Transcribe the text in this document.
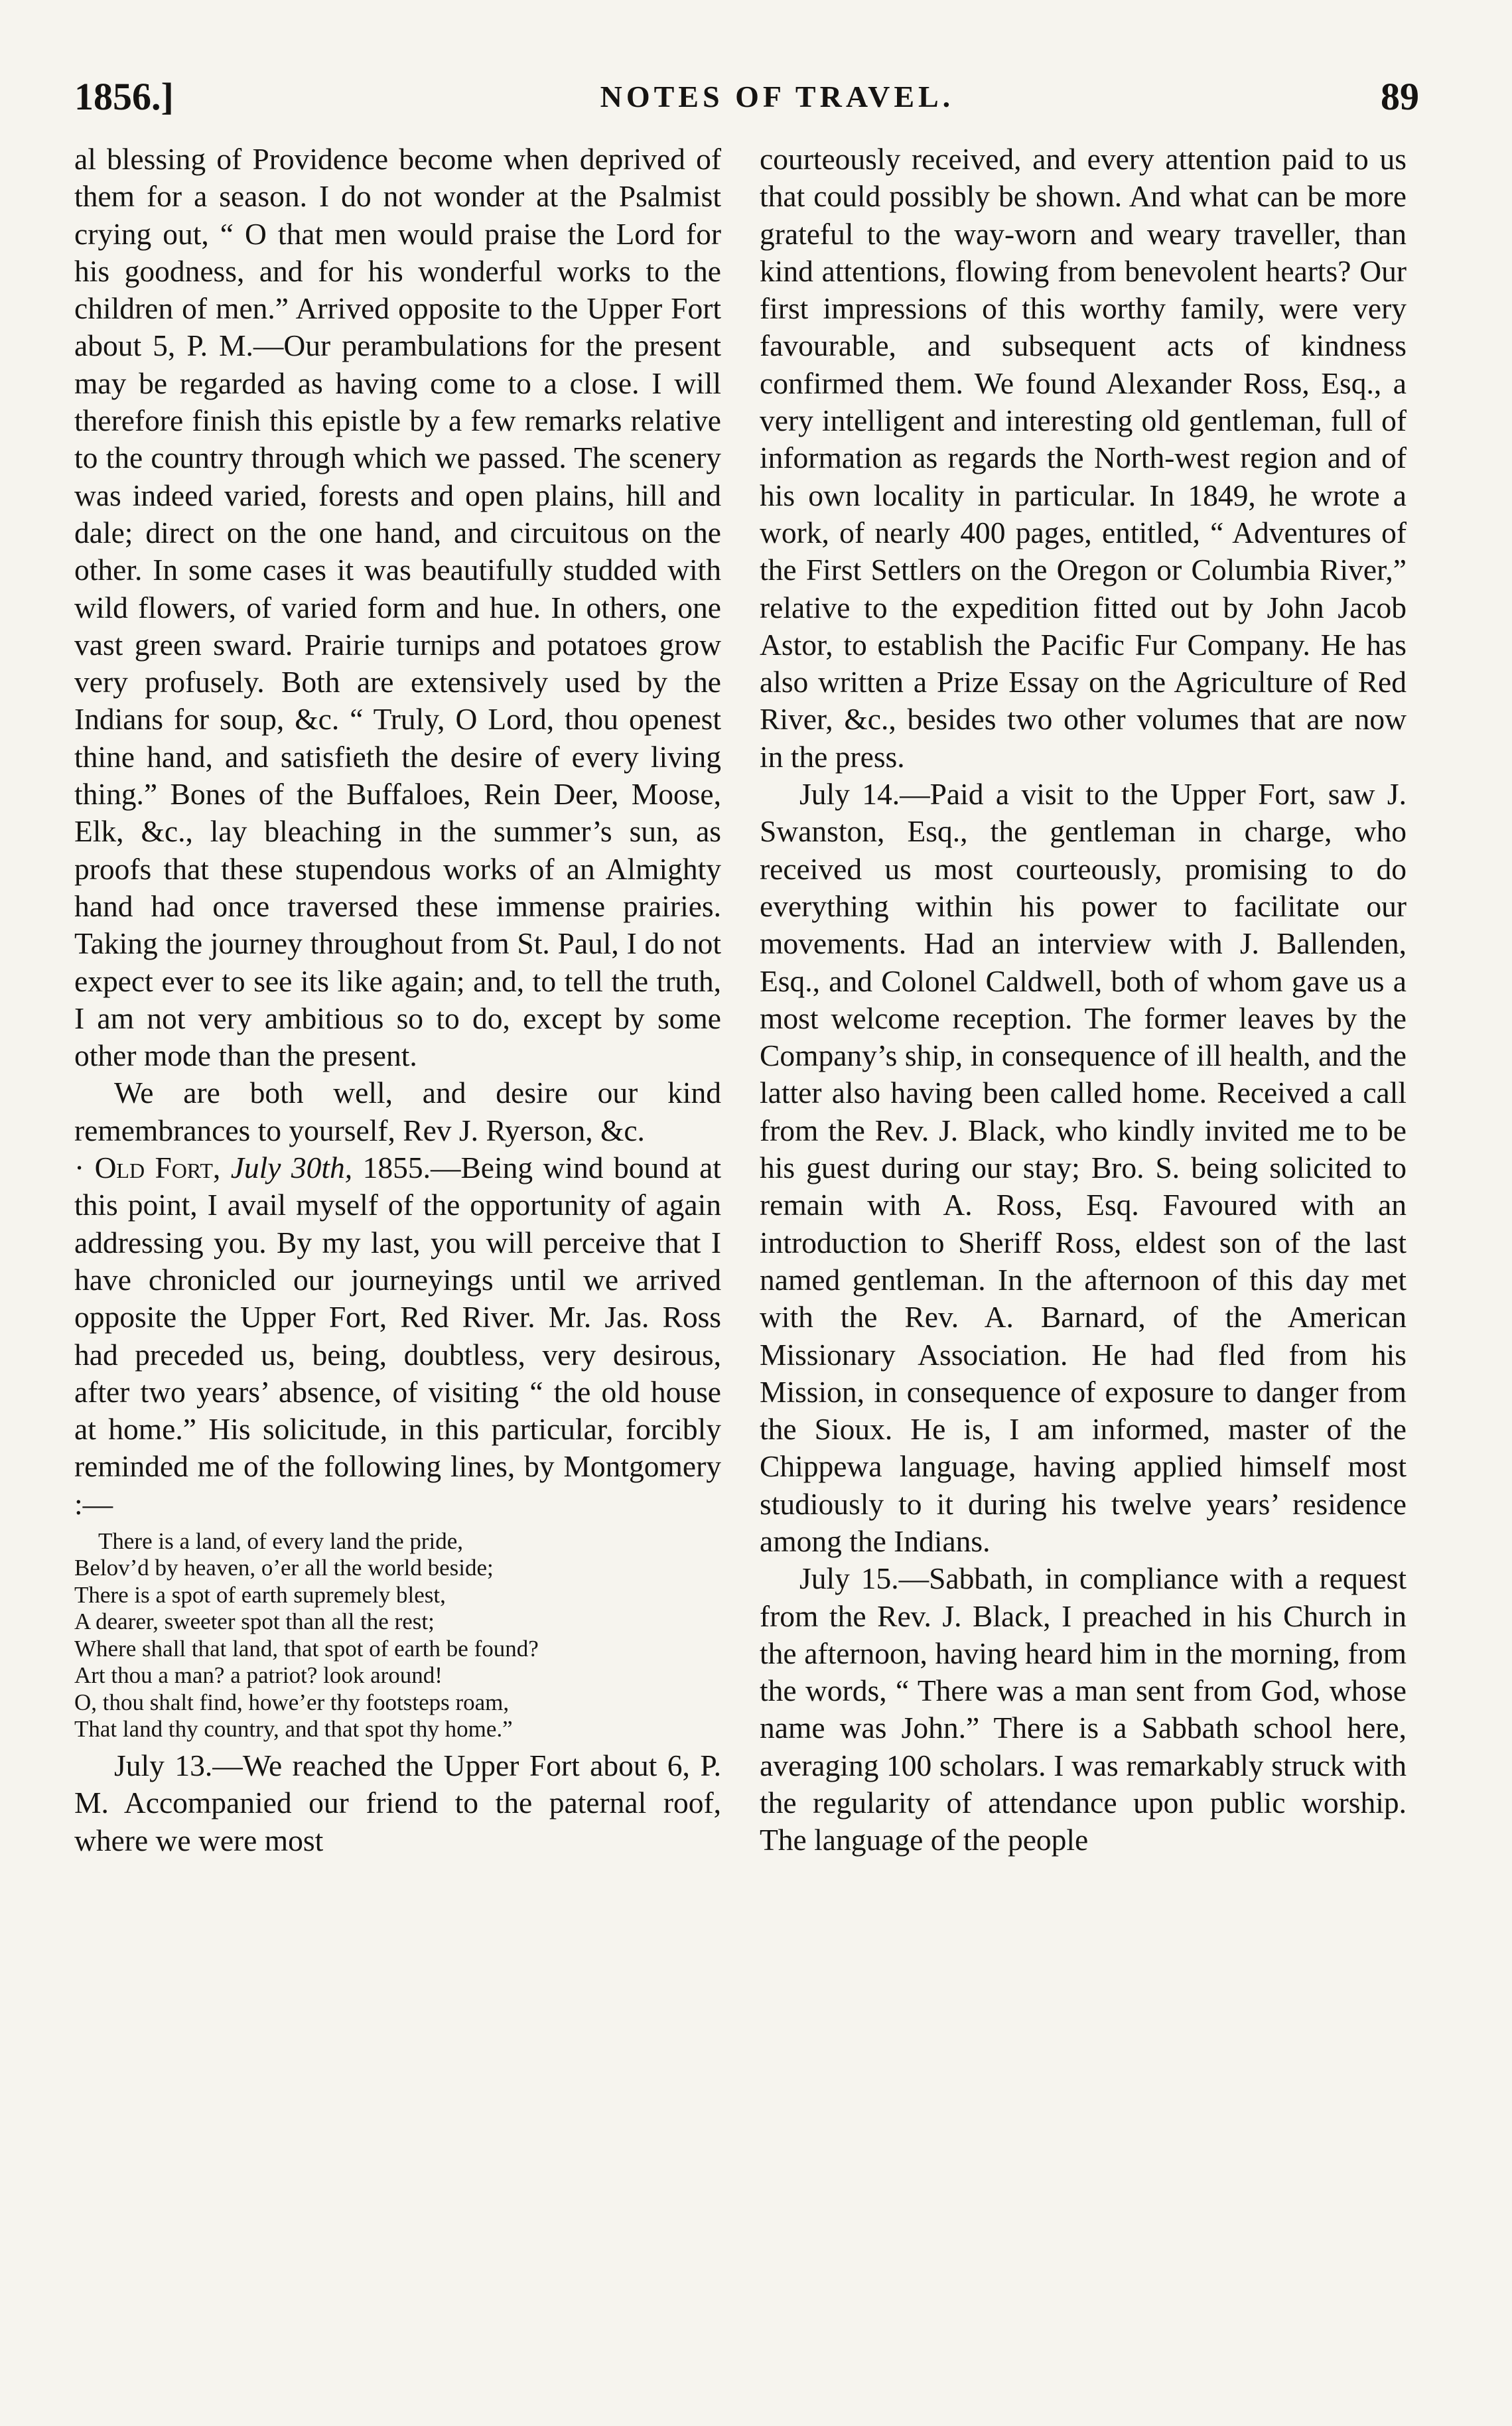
1856.]	NOTES OF TRAVEL.	89

al blessing of Providence become when deprived of them for a season. I do not wonder at the Psalmist crying out, “ O that men would praise the Lord for his goodness, and for his wonderful works to the children of men.” Arrived opposite to the Upper Fort about 5, P. M.—Our perambulations for the present may be regarded as having come to a close. I will therefore finish this epistle by a few remarks relative to the country through which we passed. The scenery was indeed varied, forests and open plains, hill and dale; direct on the one hand, and circuitous on the other. In some cases it was beautifully studded with wild flowers, of varied form and hue. In others, one vast green sward. Prairie turnips and potatoes grow very profusely. Both are extensively used by the Indians for soup, &c. “ Truly, O Lord, thou openest thine hand, and satisfieth the desire of every living thing.” Bones of the Buffaloes, Rein Deer, Moose, Elk, &c., lay bleaching in the summer’s sun, as proofs that these stupendous works of an Almighty hand had once traversed these immense prairies. Taking the journey throughout from St. Paul, I do not expect ever to see its like again; and, to tell the truth, I am not very ambitious so to do, except by some other mode than the present.

We are both well, and desire our kind remembrances to yourself, Rev J. Ryerson, &c.

· Old Fort, July 30th, 1855.—Being wind bound at this point, I avail myself of the opportunity of again addressing you. By my last, you will perceive that I have chronicled our journeyings until we arrived opposite the Upper Fort, Red River. Mr. Jas. Ross had preceded us, being, doubtless, very desirous, after two years’ absence, of visiting “ the old house at home.” His solicitude, in this particular, forcibly reminded me of the following lines, by Montgomery :—

There is a land, of every land the pride,
Belov’d by heaven, o’er all the world beside;
There is a spot of earth supremely blest,
A dearer, sweeter spot than all the rest;
Where shall that land, that spot of earth be found?
Art thou a man? a patriot? look around!
O, thou shalt find, howe’er thy footsteps roam,
That land thy country, and that spot thy home.”

July 13.—We reached the Upper Fort about 6, P. M. Accompanied our friend to the paternal roof, where we were most

courteously received, and every attention paid to us that could possibly be shown. And what can be more grateful to the way-worn and weary traveller, than kind attentions, flowing from benevolent hearts? Our first impressions of this worthy family, were very favourable, and subsequent acts of kindness confirmed them. We found Alexander Ross, Esq., a very intelligent and interesting old gentleman, full of information as regards the North-west region and of his own locality in particular. In 1849, he wrote a work, of nearly 400 pages, entitled, “ Adventures of the First Settlers on the Oregon or Columbia River,” relative to the expedition fitted out by John Jacob Astor, to establish the Pacific Fur Company. He has also written a Prize Essay on the Agriculture of Red River, &c., besides two other volumes that are now in the press.

July 14.—Paid a visit to the Upper Fort, saw J. Swanston, Esq., the gentleman in charge, who received us most courteously, promising to do everything within his power to facilitate our movements. Had an interview with J. Ballenden, Esq., and Colonel Caldwell, both of whom gave us a most welcome reception. The former leaves by the Company’s ship, in consequence of ill health, and the latter also having been called home. Received a call from the Rev. J. Black, who kindly invited me to be his guest during our stay; Bro. S. being solicited to remain with A. Ross, Esq. Favoured with an introduction to Sheriff Ross, eldest son of the last named gentleman. In the afternoon of this day met with the Rev. A. Barnard, of the American Missionary Association. He had fled from his Mission, in consequence of exposure to danger from the Sioux. He is, I am informed, master of the Chippewa language, having applied himself most studiously to it during his twelve years’ residence among the Indians.

July 15.—Sabbath, in compliance with a request from the Rev. J. Black, I preached in his Church in the afternoon, having heard him in the morning, from the words, “ There was a man sent from God, whose name was John.” There is a Sabbath school here, averaging 100 scholars. I was remarkably struck with the regularity of attendance upon public worship. The language of the people
